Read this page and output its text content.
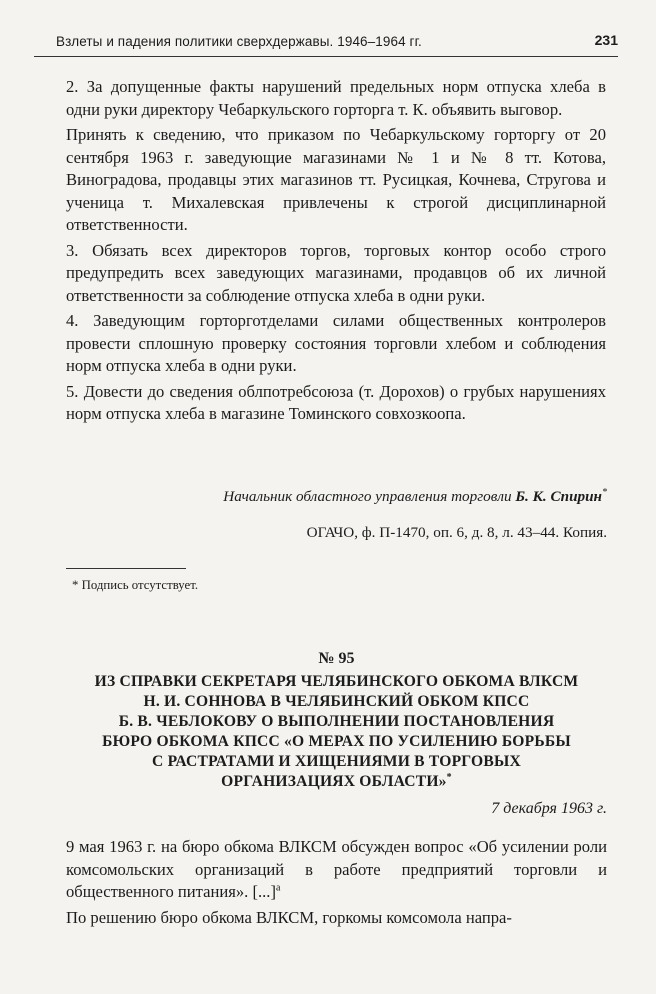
Взлеты и падения политики сверхдержавы. 1946–1964 гг.	231

2. За допущенные факты нарушений предельных норм отпуска хлеба в одни руки директору Чебаркульского горторга т. К. объявить выговор.

Принять к сведению, что приказом по Чебаркульскому горторгу от 20 сентября 1963 г. заведующие магазинами № 1 и № 8 тт. Котова, Виноградова, продавцы этих магазинов тт. Русицкая, Кочнева, Стругова и ученица т. Михалевская привлечены к строгой дисциплинарной ответственности.

3. Обязать всех директоров торгов, торговых контор особо строго предупредить всех заведующих магазинами, продавцов об их личной ответственности за соблюдение отпуска хлеба в одни руки.

4. Заведующим горторготделами силами общественных контролеров провести сплошную проверку состояния торговли хлебом и соблюдения норм отпуска хлеба в одни руки.

5. Довести до сведения облпотребсоюза (т. Дорохов) о грубых нарушениях норм отпуска хлеба в магазине Томинского совхозкоопа.

Начальник областного управления торговли Б. К. Спирин*
ОГАЧО, ф. П-1470, оп. 6, д. 8, л. 43–44. Копия.
* Подпись отсутствует.
№ 95
ИЗ СПРАВКИ СЕКРЕТАРЯ ЧЕЛЯБИНСКОГО ОБКОМА ВЛКСМ
Н. И. СОННОВА В ЧЕЛЯБИНСКИЙ ОБКОМ КПСС
Б. В. ЧЕБЛОКОВУ О ВЫПОЛНЕНИИ ПОСТАНОВЛЕНИЯ
БЮРО ОБКОМА КПСС «О МЕРАХ ПО УСИЛЕНИЮ БОРЬБЫ
С РАСТРАТАМИ И ХИЩЕНИЯМИ В ТОРГОВЫХ
ОРГАНИЗАЦИЯХ ОБЛАСТИ»*
7 декабря 1963 г.

9 мая 1963 г. на бюро обкома ВЛКСМ обсужден вопрос «Об усилении роли комсомольских организаций в работе предприятий торговли и общественного питания». [...]$^а$

По решению бюро обкома ВЛКСМ, горкомы комсомола напра-
